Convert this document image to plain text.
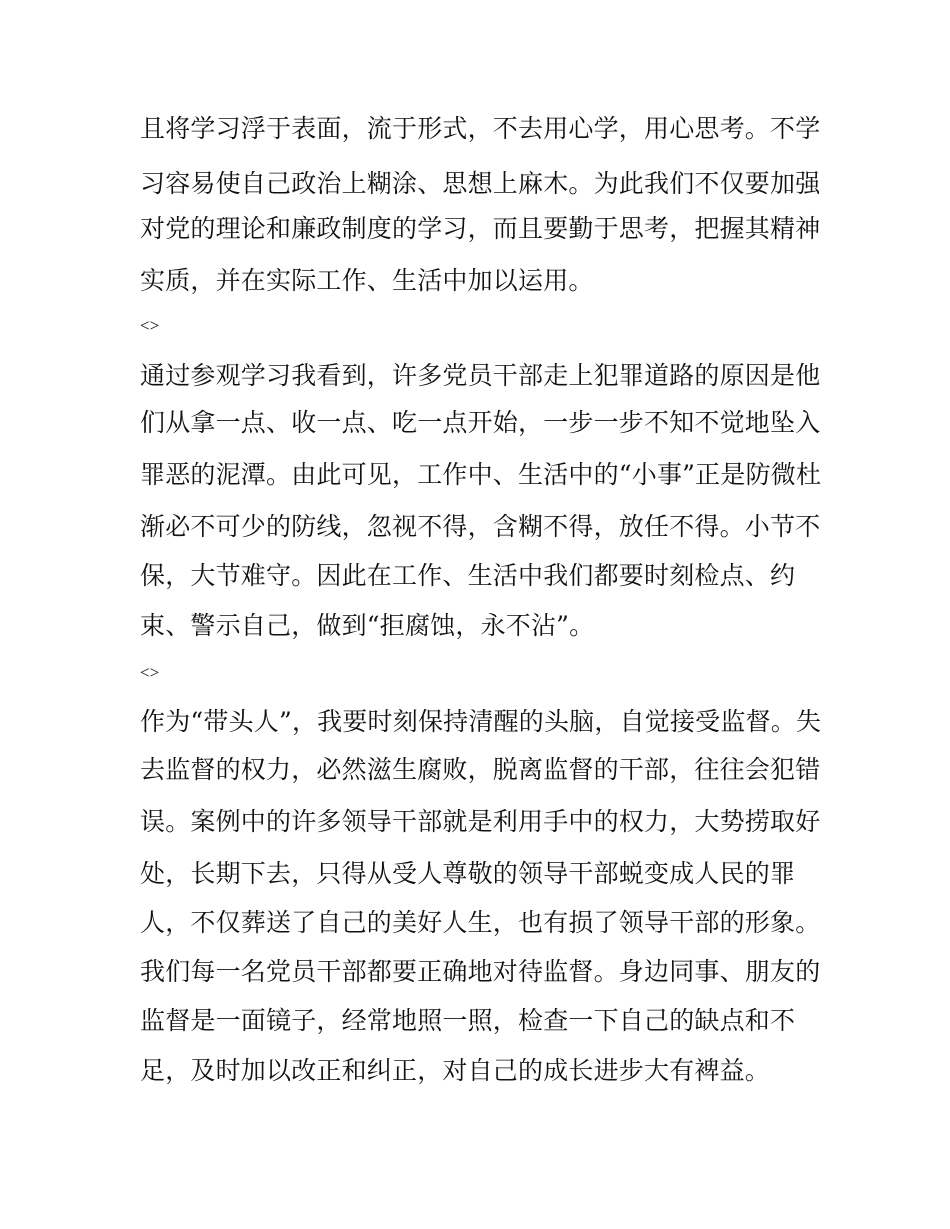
且将学习浮于表面，流于形式，不去用心学，用心思考。不学
习容易使自己政治上糊涂、思想上麻木。为此我们不仅要加强
对党的理论和廉政制度的学习，而且要勤于思考，把握其精神
实质，并在实际工作、生活中加以运用。
<>
通过参观学习我看到，许多党员干部走上犯罪道路的原因是他
们从拿一点、收一点、吃一点开始，一步一步不知不觉地坠入
罪恶的泥潭。由此可见，工作中、生活中的“小事”正是防微杜
渐必不可少的防线，忽视不得，含糊不得，放任不得。小节不
保，大节难守。因此在工作、生活中我们都要时刻检点、约
束、警示自己，做到“拒腐蚀，永不沾”。
<>
作为“带头人”，我要时刻保持清醒的头脑，自觉接受监督。失
去监督的权力，必然滋生腐败，脱离监督的干部，往往会犯错
误。案例中的许多领导干部就是利用手中的权力，大势捞取好
处，长期下去，只得从受人尊敬的领导干部蜕变成人民的罪
人，不仅葬送了自己的美好人生，也有损了领导干部的形象。
我们每一名党员干部都要正确地对待监督。身边同事、朋友的
监督是一面镜子，经常地照一照，检查一下自己的缺点和不
足，及时加以改正和纠正，对自己的成长进步大有裨益。
